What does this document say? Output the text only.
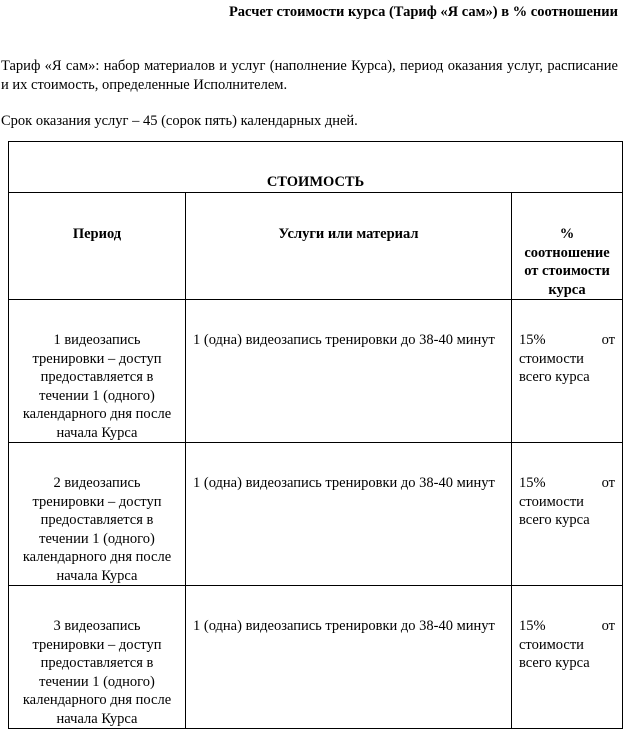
Расчет стоимости курса (Тариф «Я сам») в % соотношении

Тариф «Я сам»: набор материалов и услуг (наполнение Курса), период оказания услуг, расписание и их стоимость, определенные Исполнителем.

Срок оказания услуг – 45 (сорок пять) календарных дней.

СТОИМОСТЬ		
Период	Услуги или материал	% соотношение от стоимости курса
1 видеозапись тренировки – доступ предоставляется в течении 1 (одного) календарного дня после начала Курса	1 (одна) видеозапись тренировки до 38-40 минут	15% от
стоимости всего курса

2 видеозапись тренировки – доступ предоставляется в течении 1 (одного) календарного дня после начала Курса	1 (одна) видеозапись тренировки до 38-40 минут	15% от
стоимости всего курса

3 видеозапись тренировки – доступ предоставляется в течении 1 (одного) календарного дня после начала Курса	1 (одна) видеозапись тренировки до 38-40 минут	15% от
стоимости всего курса
